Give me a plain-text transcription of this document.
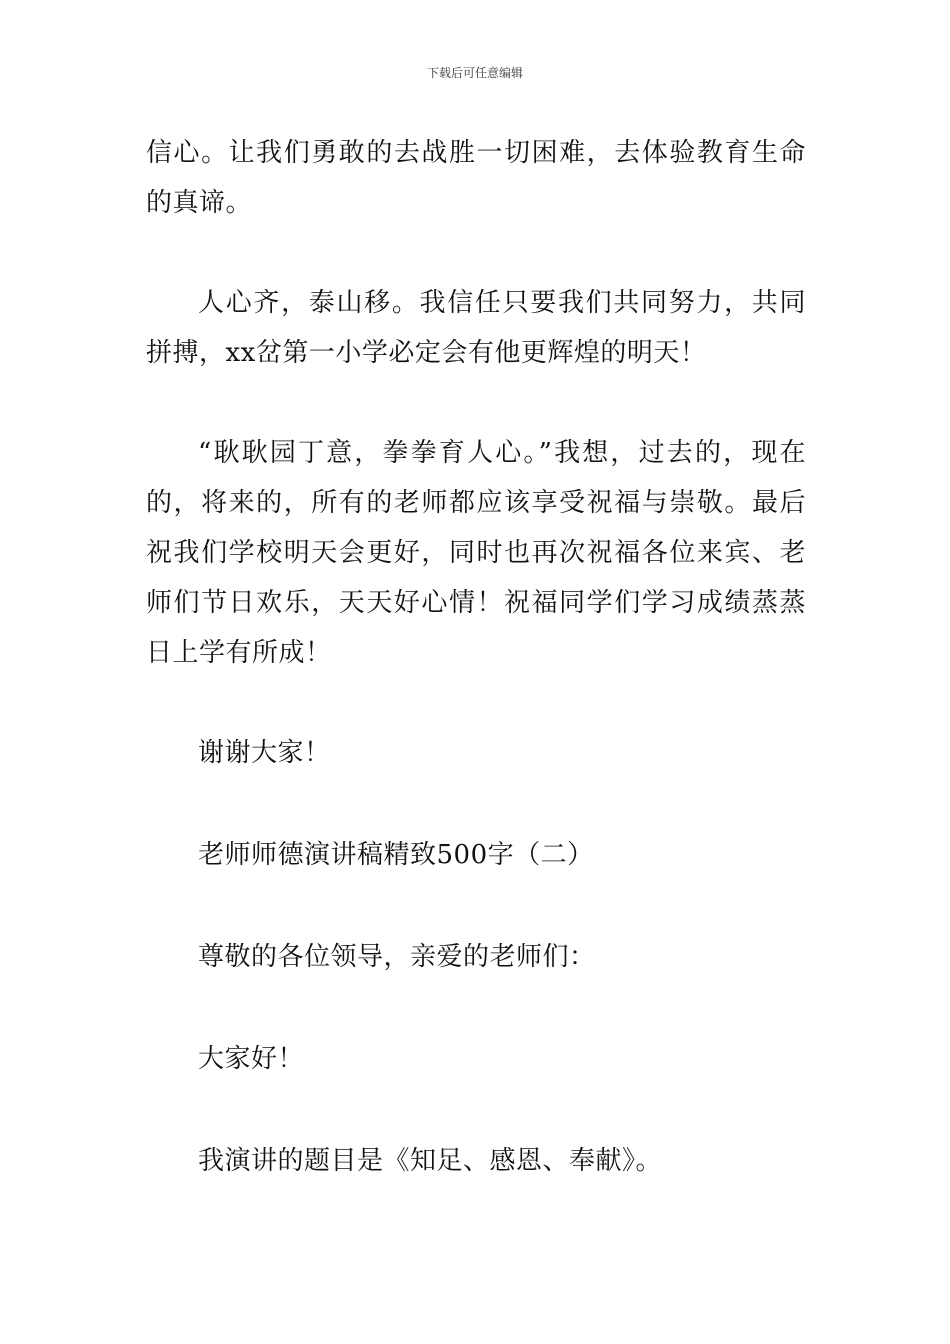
下载后可任意编辑

信心。让我们勇敢的去战胜一切困难，去体验教育生命的真谛。

人心齐，泰山移。我信任只要我们共同努力，共同拼搏，xx岔第一小学必定会有他更辉煌的明天！

“耿耿园丁意，拳拳育人心。”我想，过去的，现在的，将来的，所有的老师都应该享受祝福与崇敬。最后祝我们学校明天会更好，同时也再次祝福各位来宾、老师们节日欢乐，天天好心情！祝福同学们学习成绩蒸蒸日上学有所成！

谢谢大家！

老师师德演讲稿精致500字（二）

尊敬的各位领导，亲爱的老师们：

大家好！

我演讲的题目是《知足、感恩、奉献》。
